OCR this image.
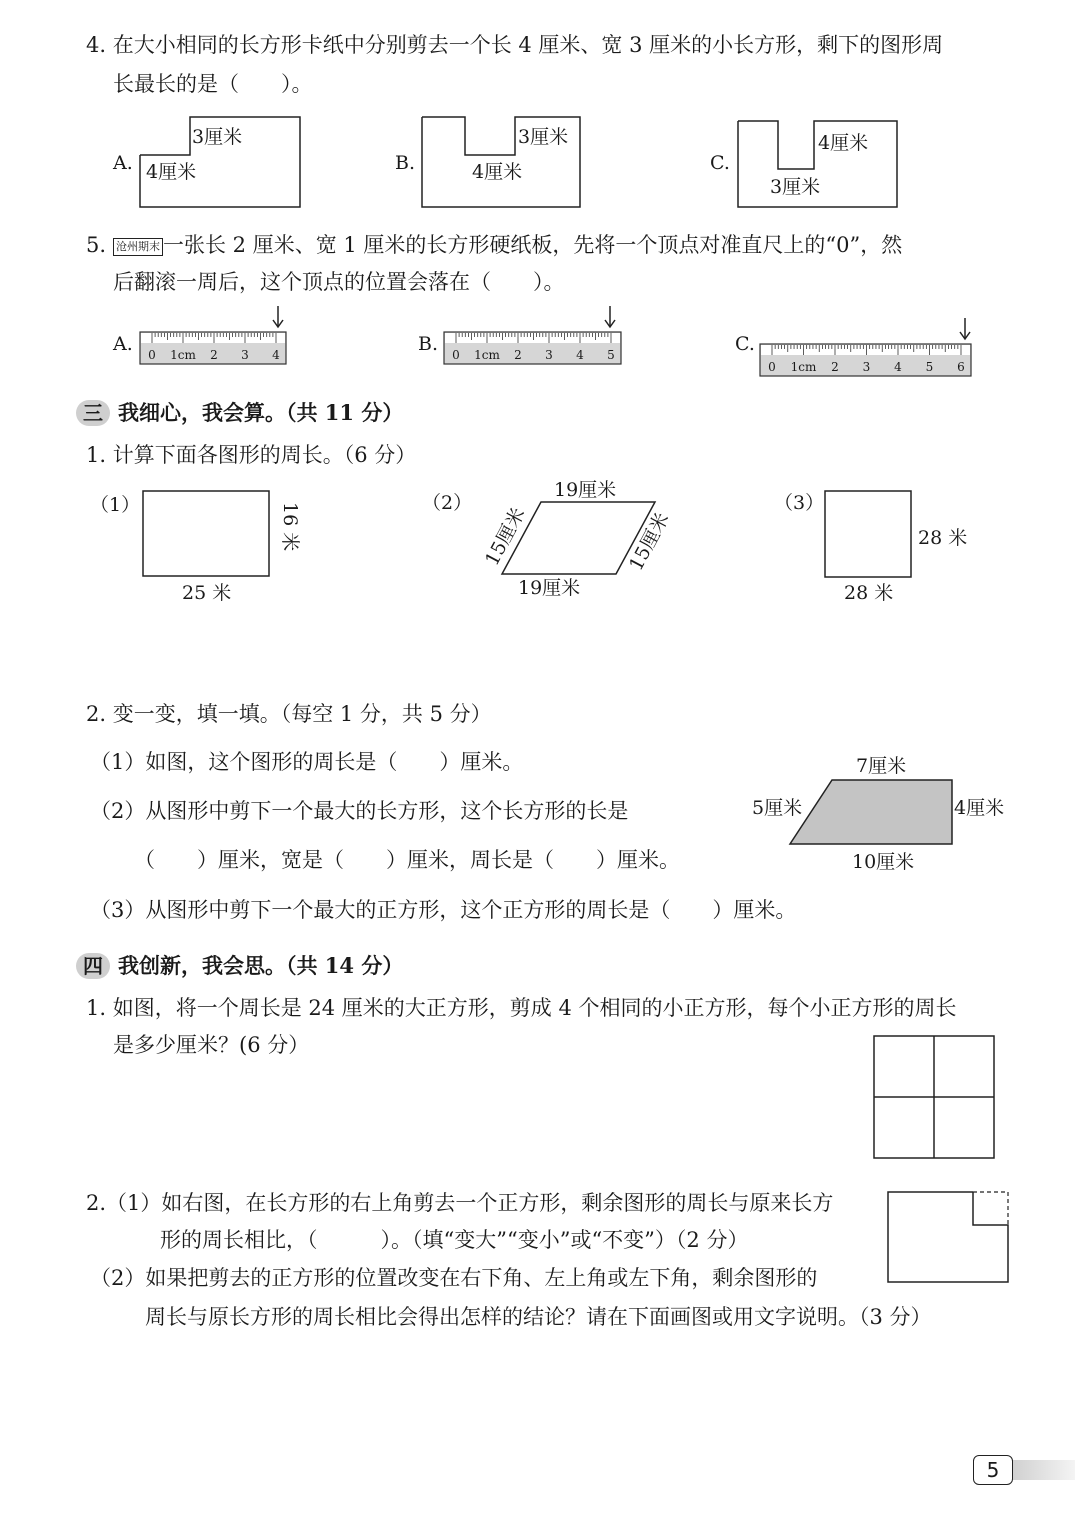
4. 在大小相同的长方形卡纸中分别剪去一个长 4 厘米、宽 3 厘米的小长方形，剩下的图形周
长最长的是（　　）。
A.
3厘米
4厘米	B.
3厘米
4厘米	C.
4厘米
3厘米
5. 沧州期末 一张长 2 厘米、宽 1 厘米的长方形硬纸板，先将一个顶点对准直尺上的“0”，然
后翻滚一周后，这个顶点的位置会落在（　　）。
A. 0 1cm 2 3 4	B. 0 1cm 2 3 4 5	C.
0 1cm 2 3 4 5 6
三 我细心，我会算。（共 11 分）
1. 计算下面各图形的周长。（6 分）
（1）	16 米
25 米
（2）
19厘米
19厘米
15厘米	15厘米
（3）
28 米
28 米
2. 变一变，填一填。（每空 1 分，共 5 分）
（1）如图，这个图形的周长是（　　）厘米。
（2）从图形中剪下一个最大的长方形，这个长方形的长是
（　　）厘米，宽是（　　）厘米，周长是（　　）厘米。
（3）从图形中剪下一个最大的正方形，这个正方形的周长是（　　）厘米。
7厘米
5厘米	4厘米
10厘米
四 我创新，我会思。（共 14 分）
1. 如图，将一个周长是 24 厘米的大正方形，剪成 4 个相同的小正方形，每个小正方形的周长
是多少厘米？(6 分）
2.（1）如右图，在长方形的右上角剪去一个正方形，剩余图形的周长与原来长方
形的周长相比，（　　　）。（填“变大”“变小”或“不变”）（2 分）
（2）如果把剪去的正方形的位置改变在右下角、左上角或左下角，剩余图形的
周长与原长方形的周长相比会得出怎样的结论？请在下面画图或用文字说明。（3 分）
5
